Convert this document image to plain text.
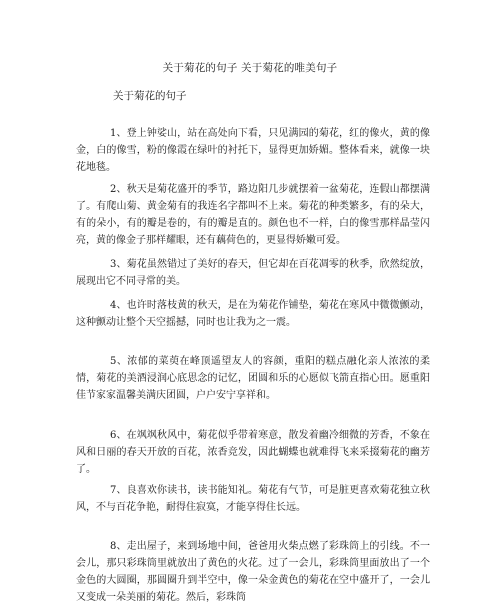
关于菊花的句子 关于菊花的唯美句子
关于菊花的句子

1、登上钟娑山，站在高处向下看，只见满园的菊花，红的像火，黄的像金，白的像雪，粉的像霞在绿叶的衬托下，显得更加娇媚。整体看来，就像一块花地毯。

2、秋天是菊花盛开的季节，路边阳几步就摆着一盆菊花，连假山都摆满了。有爬山菊、黄金菊有的我连名字都叫不上来。菊花的种类繁多，有的朵大，有的朵小，有的瓣是卷的，有的瓣是直的。颜色也不一样，白的像雪那样晶莹闪亮，黄的像金子那样耀眼，还有藕荷色的，更显得娇嫩可爱。

3、菊花虽然错过了美好的春天，但它却在百花凋零的秋季，欣然绽放，展现出它不同寻常的美。

4、也许时落枝黄的秋天，是在为菊花作铺垫，菊花在寒风中微微颤动，这种颤动让整个天空摇撼，同时也让我为之一震。

5、浓郁的菜萸在峰顶遥望友人的容颜，重阳的糕点融化亲人浓浓的柔情，菊花的美酒浸润心底思念的记忆，团圆和乐的心愿似飞箭直指心田。愿重阳佳节家家温馨美满庆团圆，户户安宁享祥和。

6、在飒飒秋风中，菊花似乎带着寒意，散发着幽冷细微的芳香，不象在风和日丽的春天开放的百花，浓香竞发，因此蝴蝶也就难得飞来采掇菊花的幽芳了。

7、良喜欢你读书，读书能知礼。菊花有气节，可是脏更喜欢菊花独立秋风，不与百花争艳，耐得住寂寞，才能享得住长远。

8、走出屋子，来到场地中间，爸爸用火柴点燃了彩珠筒上的引线。不一会儿，那只彩珠筒里就放出了黄色的火花。过了一会儿，彩珠筒里面放出了一个金色的大圆圈，那圆圈升到半空中，像一朵金黄色的菊花在空中盛开了，一会儿又变成一朵美丽的菊花。然后，彩珠筒
